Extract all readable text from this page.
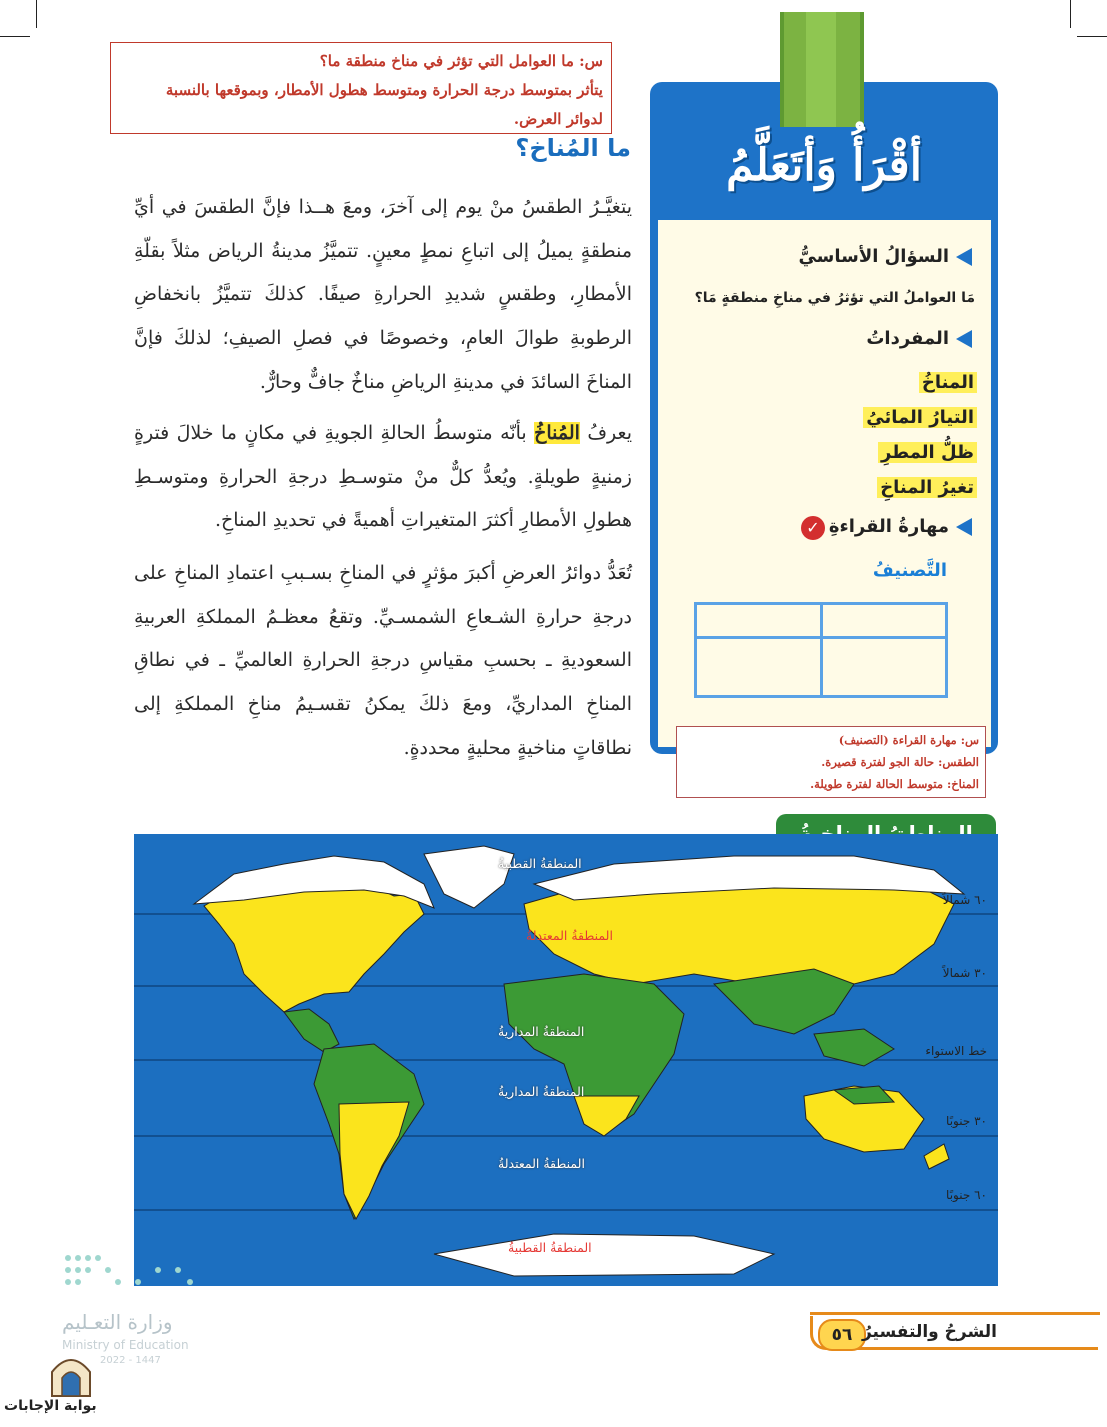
س: ما العوامل التي تؤثر في مناخ منطقة ما؟
يتأثر بمتوسط درجة الحرارة ومتوسط هطول الأمطار، وبموقعها بالنسبة
لدوائر العرض.
ما المُناخ؟
يتغيَّـرُ الطقسُ منْ يوم إلى آخرَ، ومعَ هــذا فإنَّ الطقسَ في أيِّ منطقةٍ يميلُ إلى اتباعِ نمطٍ معينٍ. تتميَّزُ مدينةُ الرياض مثلاً بقلّةِ الأمطارِ، وطقسٍ شديدِ الحرارةِ صيفًا. كذلكَ تتميَّزُ بانخفاضِ الرطوبةِ طوالَ العامِ، وخصوصًا في فصلِ الصيفِ؛ لذلكَ فإنَّ المناخَ السائدَ في مدينةِ الرياضِ مناخٌ جافٌّ وحارٌّ.
يعرفُ المُناخُ بأنّه متوسطُ الحالةِ الجويةِ في مكانٍ ما خلالَ فترةٍ زمنيةٍ طويلةٍ. ويُعدُّ كلٌّ منْ متوسـطِ درجةِ الحرارةِ ومتوسـطِ هطولِ الأمطارِ أكثرَ المتغيراتِ أهميةً في تحديدِ المناخِ.
تُعَدُّ دوائرُ العرضِ أكبرَ مؤثرٍ في المناخِ بسـببِ اعتمادِ المناخِ على درجةِ حرارةِ الشـعاعِ الشمسـيِّ. وتقعُ معظـمُ المملكةِ العربيةِ السعوديةِ ـ بحسبِ مقياسِ درجةِ الحرارةِ العالميِّ ـ في نطاقِ المناخِ المداريِّ، ومعَ ذلكَ يمكنُ تقسـيمُ مناخِ المملكةِ إلى نطاقاتٍ مناخيةٍ محليةٍ محددةٍ.
أقْرَأُ وَأتَعَلَّمُ
السؤالُ الأساسيُّ
مَا العواملُ التي تؤثرُ في مناخِ منطقةٍ مَا؟
المفرداتُ
المناخُ
التيارُ المائيُ
ظلُّ المطرِ
تغيرُ المناخِ
مهارةُ القراءةِ
✓
التَّصنيفُ
س: مهارة القراءة (التصنيف)
الطقس: حالة الجو لفترة قصيرة.
المناخ: متوسط الحالة لفترة طويلة.
٦٠ شمالاً
٣٠ شمالاً
خط الاستواء
٣٠ جنوبًا
٦٠ جنوبًا
المنطقةُ القطبيةُ
المنطقةُ المعتدلةُ
المنطقةُ المداريةُ
المنطقةُ المداريةُ
المنطقةُ المعتدلةُ
المنطقةُ القطبيةُ
٥٦ الشرحُ والتفسيرُ
وزارة التعـليم
Ministry of Education
2022 - 1447
بوابة الإجابات
